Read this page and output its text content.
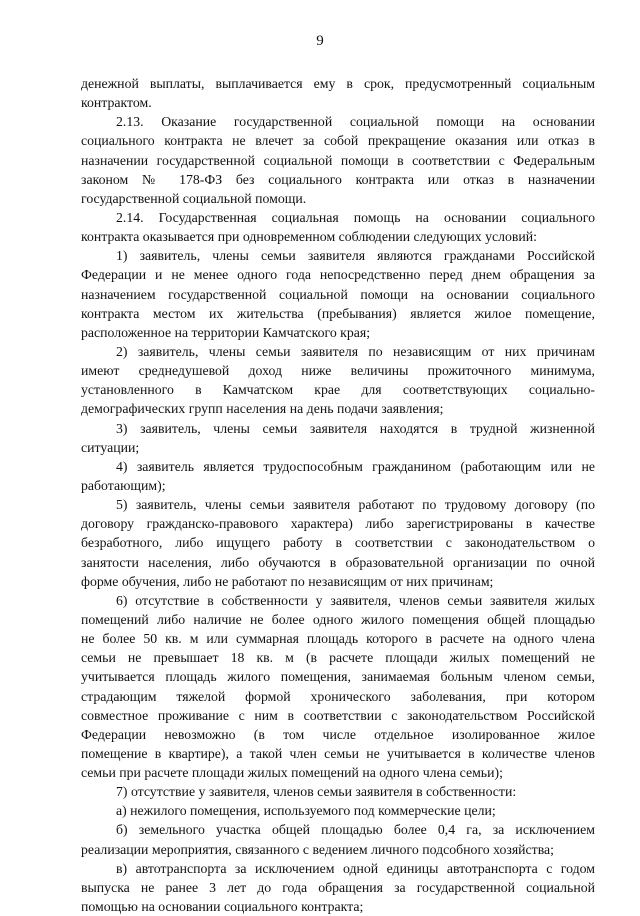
9
денежной выплаты, выплачивается ему в срок, предусмотренный социальным
контрактом.
2.13. Оказание государственной социальной помощи на основании
социального контракта не влечет за собой прекращение оказания или отказ в
назначении государственной социальной помощи в соответствии с Федеральным
законом № 178-ФЗ без социального контракта или отказ в назначении
государственной социальной помощи.
2.14. Государственная социальная помощь на основании социального
контракта оказывается при одновременном соблюдении следующих условий:
1) заявитель, члены семьи заявителя являются гражданами Российской
Федерации и не менее одного года непосредственно перед днем обращения за
назначением государственной социальной помощи на основании социального
контракта местом их жительства (пребывания) является жилое помещение,
расположенное на территории Камчатского края;
2) заявитель, члены семьи заявителя по независящим от них причинам
имеют среднедушевой доход ниже величины прожиточного минимума,
установленного в Камчатском крае для соответствующих социально-
демографических групп населения на день подачи заявления;
3) заявитель, члены семьи заявителя находятся в трудной жизненной
ситуации;
4) заявитель является трудоспособным гражданином (работающим или не
работающим);
5) заявитель, члены семьи заявителя работают по трудовому договору (по
договору гражданско-правового характера) либо зарегистрированы в качестве
безработного, либо ищущего работу в соответствии с законодательством о
занятости населения, либо обучаются в образовательной организации по очной
форме обучения, либо не работают по независящим от них причинам;
6) отсутствие в собственности у заявителя, членов семьи заявителя жилых
помещений либо наличие не более одного жилого помещения общей площадью
не более 50 кв. м или суммарная площадь которого в расчете на одного члена
семьи не превышает 18 кв. м (в расчете площади жилых помещений не
учитывается площадь жилого помещения, занимаемая больным членом семьи,
страдающим тяжелой формой хронического заболевания, при котором
совместное проживание с ним в соответствии с законодательством Российской
Федерации невозможно (в том числе отдельное изолированное жилое
помещение в квартире), а такой член семьи не учитывается в количестве членов
семьи при расчете площади жилых помещений на одного члена семьи);
7) отсутствие у заявителя, членов семьи заявителя в собственности:
а) нежилого помещения, используемого под коммерческие цели;
б) земельного участка общей площадью более 0,4 га, за исключением
реализации мероприятия, связанного с ведением личного подсобного хозяйства;
в) автотранспорта за исключением одной единицы автотранспорта с годом
выпуска не ранее 3 лет до года обращения за государственной социальной
помощью на основании социального контракта;
